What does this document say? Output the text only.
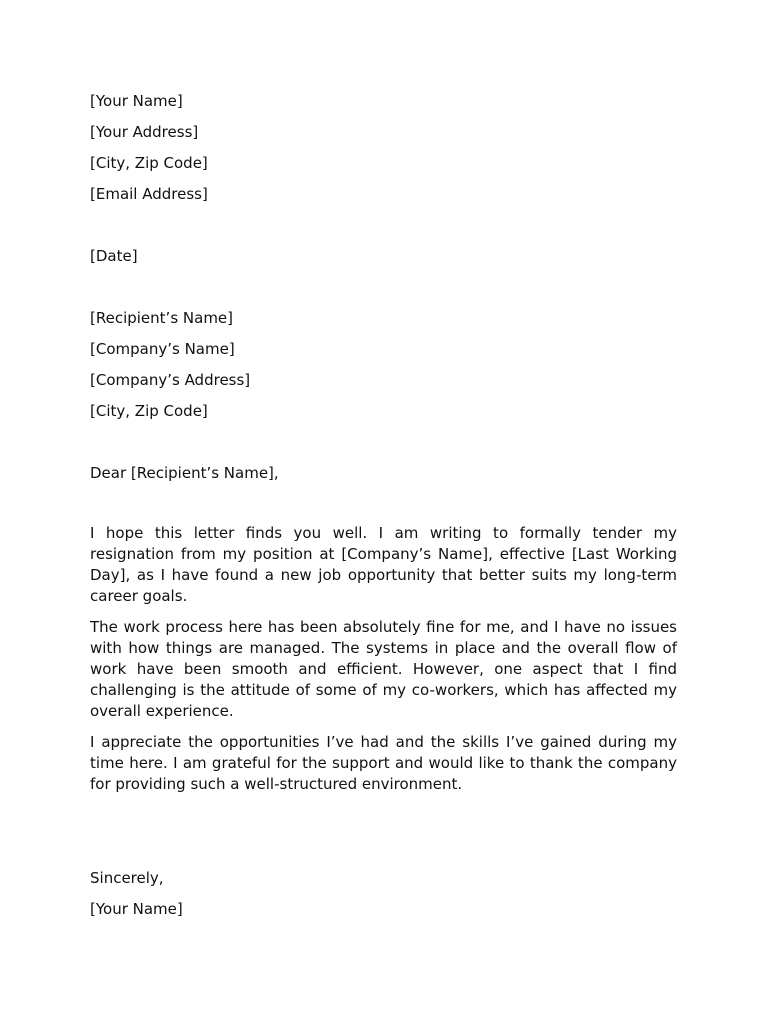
[Your Name]
[Your Address]
[City, Zip Code]
[Email Address]
[Date]
[Recipient’s Name]
[Company’s Name]
[Company’s Address]
[City, Zip Code]
Dear [Recipient’s Name],

I hope this letter finds you well. I am writing to formally tender my resignation from my position at [Company’s Name], effective [Last Working Day], as I have found a new job opportunity that better suits my long-term career goals.

The work process here has been absolutely fine for me, and I have no issues with how things are managed. The systems in place and the overall flow of work have been smooth and efficient. However, one aspect that I find challenging is the attitude of some of my co-workers, which has affected my overall experience.

I appreciate the opportunities I’ve had and the skills I’ve gained during my time here. I am grateful for the support and would like to thank the company for providing such a well-structured environment.

Sincerely,
[Your Name]
